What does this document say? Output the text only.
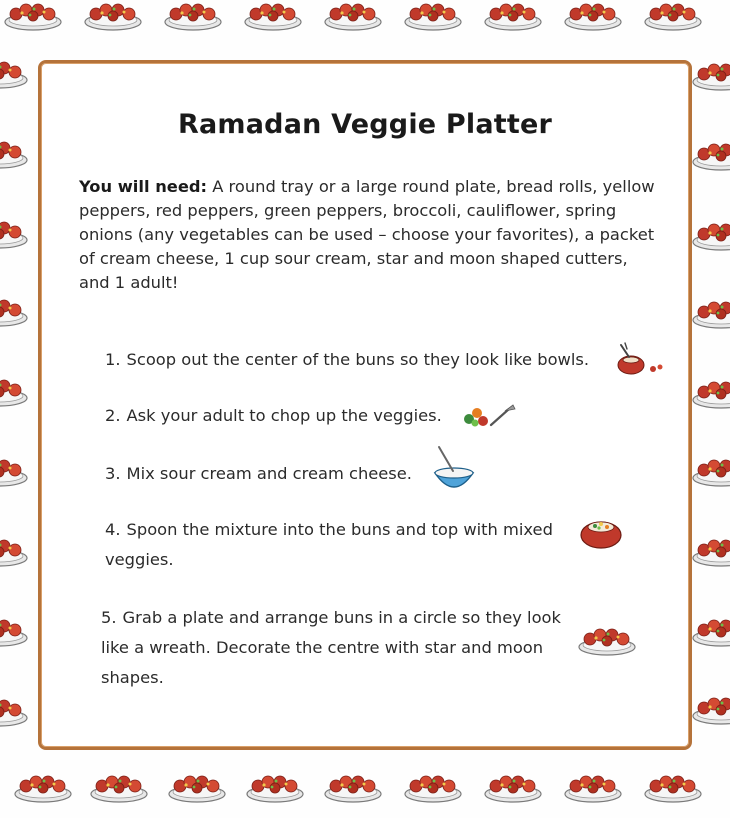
Ramadan Veggie Platter
You will need: A round tray or a large round plate, bread rolls, yellow peppers, red peppers, green peppers, broccoli, cauliflower, spring onions (any vegetables can be used – choose your favorites), a packet of cream cheese, 1 cup sour cream, star and moon shaped cutters, and 1 adult!
1. Scoop out the center of the buns so they look like bowls.
2. Ask your adult to chop up the veggies.
3. Mix sour cream and cream cheese.
4. Spoon the mixture into the buns and top with mixed veggies.
5. Grab a plate and arrange buns in a circle so they look like a wreath. Decorate the centre with star and moon shapes.
